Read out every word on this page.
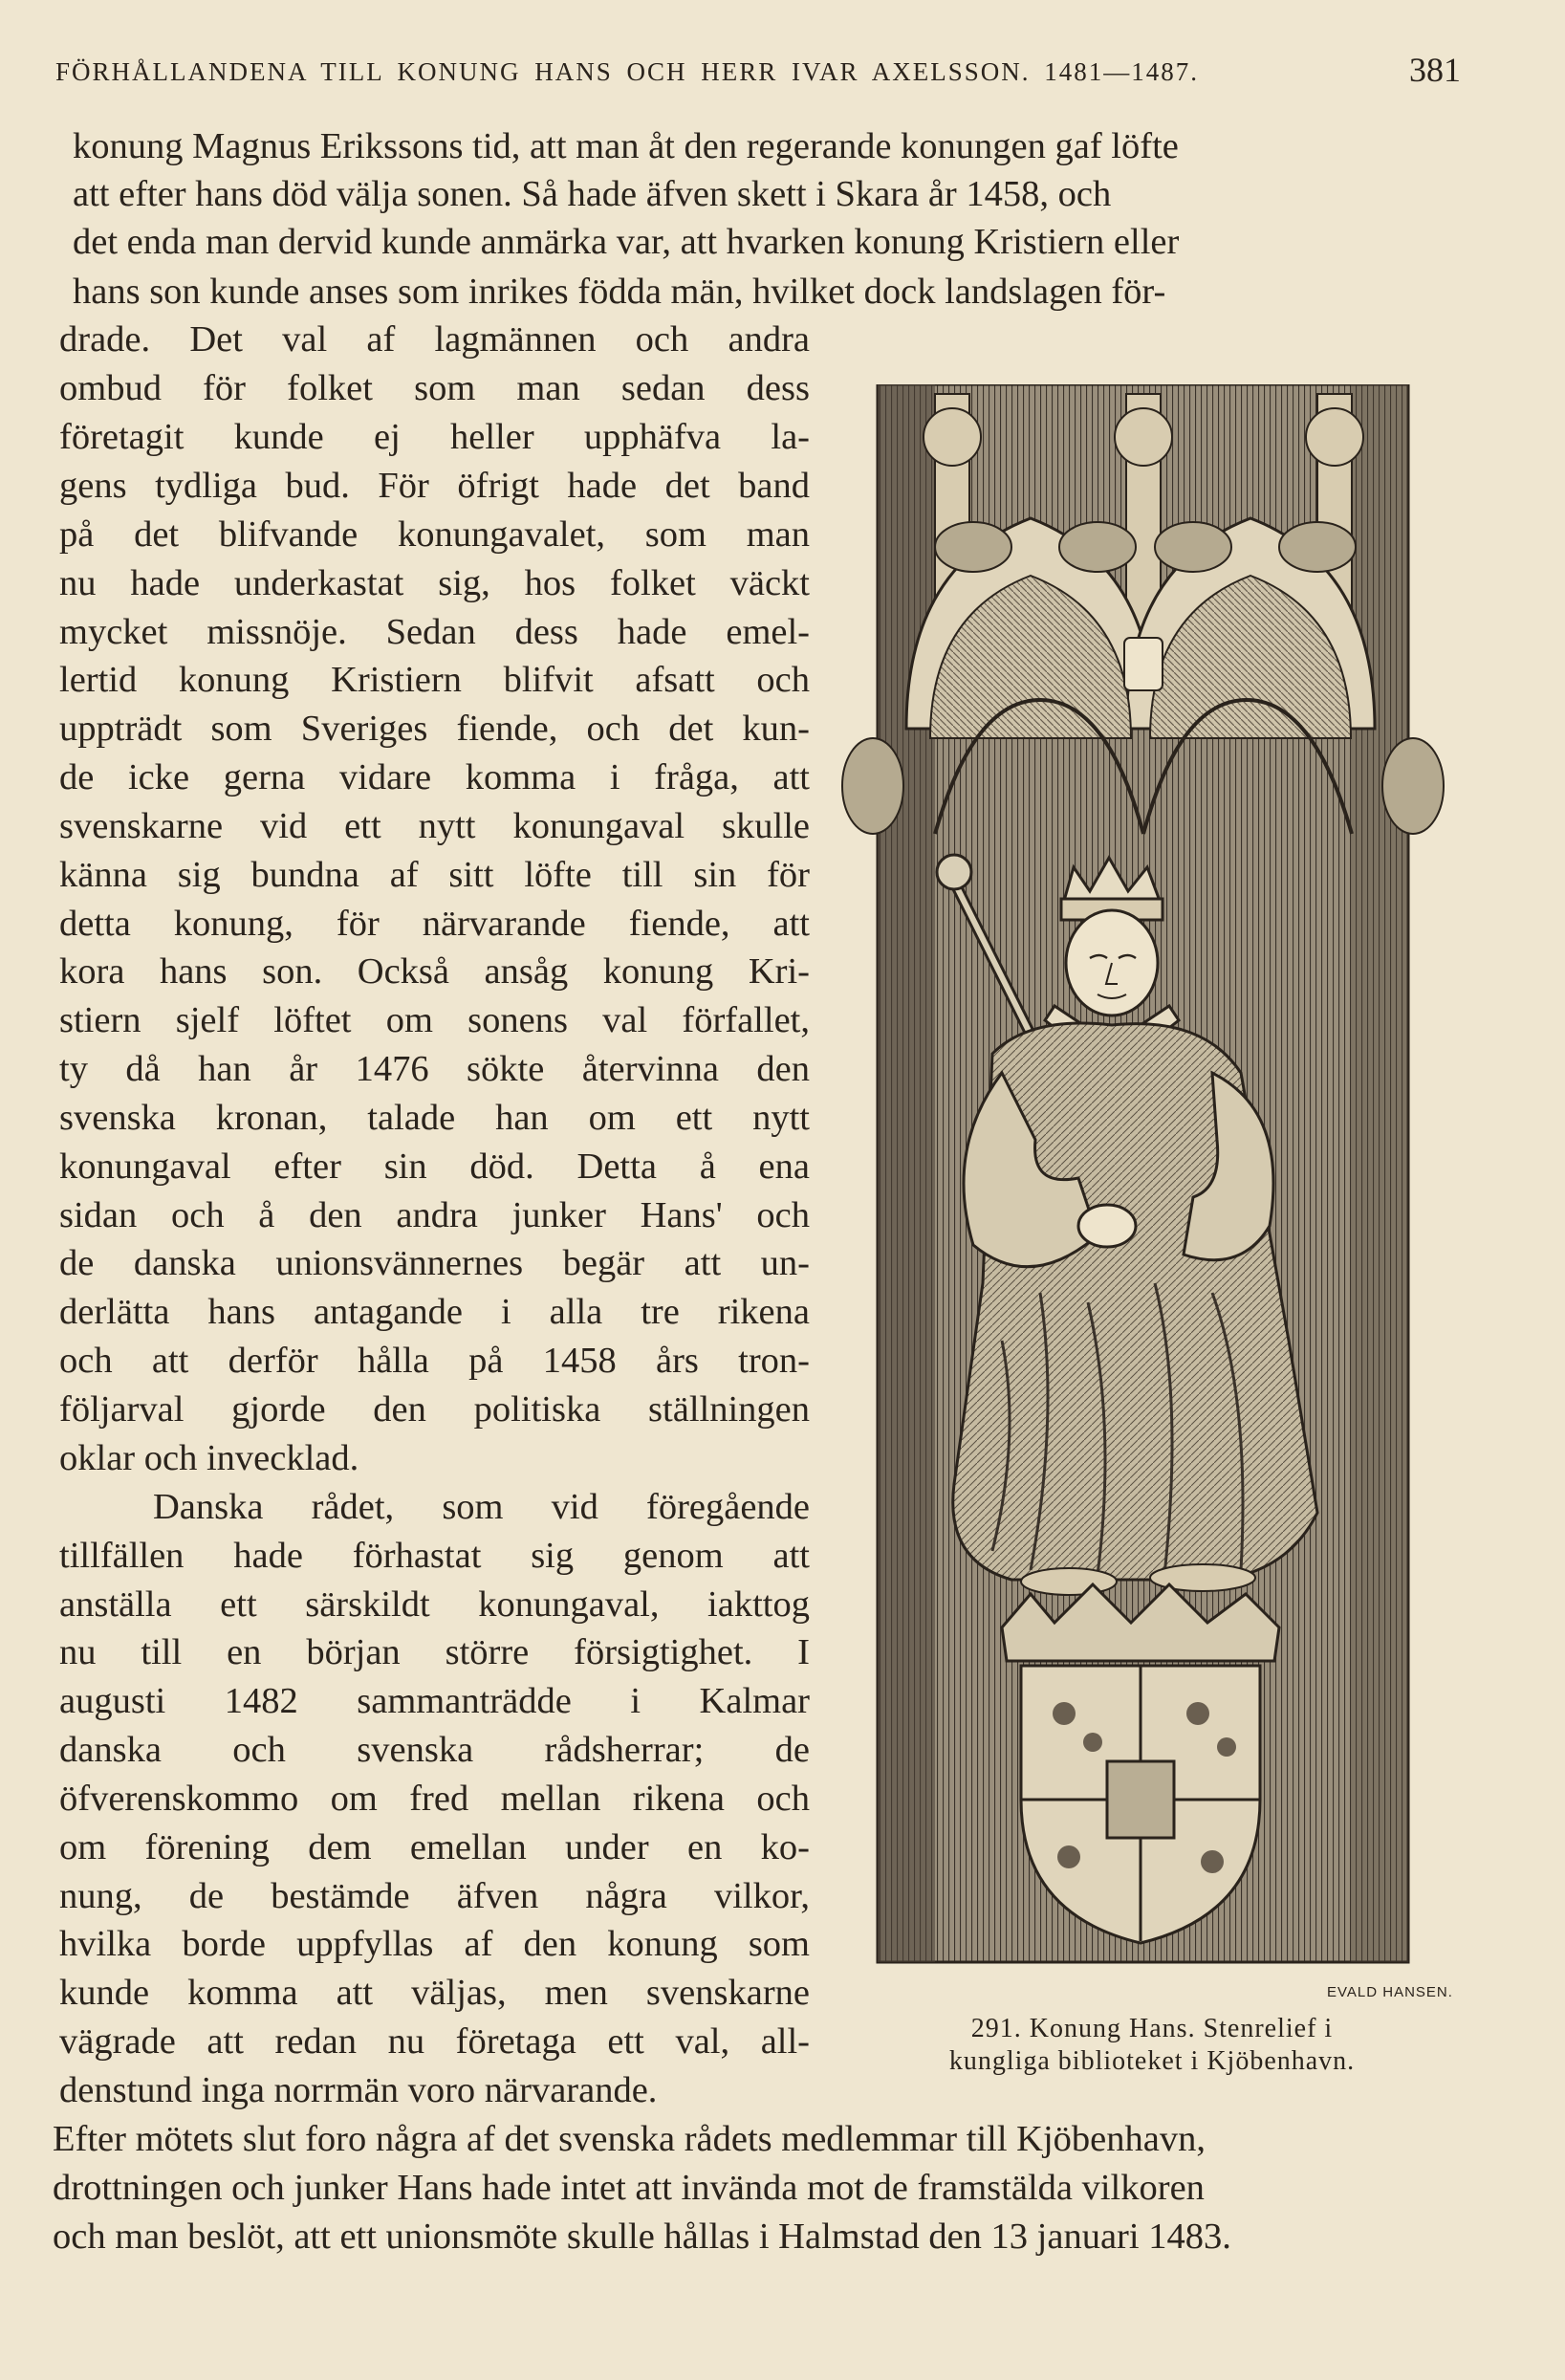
FÖRHÅLLANDENA TILL KONUNG HANS OCH HERR IVAR AXELSSON. 1481—1487.	381
konung Magnus Erikssons tid, att man åt den regerande konungen gaf löfte
att efter hans död välja sonen. Så hade äfven skett i Skara år 1458, och
det enda man dervid kunde anmärka var, att hvarken konung Kristiern eller
hans son kunde anses som inrikes födda män, hvilket dock landslagen för-
drade. Det val af lagmännen och andra
ombud för folket som man sedan dess
företagit kunde ej heller upphäfva la-
gens tydliga bud. För öfrigt hade det band
på det blifvande konungavalet, som man
nu hade underkastat sig, hos folket väckt
mycket missnöje. Sedan dess hade emel-
lertid konung Kristiern blifvit afsatt och
uppträdt som Sveriges fiende, och det kun-
de icke gerna vidare komma i fråga, att
svenskarne vid ett nytt konungaval skulle
känna sig bundna af sitt löfte till sin för
detta konung, för närvarande fiende, att
kora hans son. Också ansåg konung Kri-
stiern sjelf löftet om sonens val förfallet,
ty då han år 1476 sökte återvinna den
svenska kronan, talade han om ett nytt
konungaval efter sin död. Detta å ena
sidan och å den andra junker Hans' och
de danska unionsvännernes begär att un-
derlätta hans antagande i alla tre rikena
och att derför hålla på 1458 års tron-
följarval gjorde den politiska ställningen
oklar och invecklad.
Danska rådet, som vid föregående
tillfällen hade förhastat sig genom att
anställa ett särskildt konungaval, iakttog
nu till en början större försigtighet. I
augusti 1482 sammanträdde i Kalmar
danska och svenska rådsherrar; de
öfverenskommo om fred mellan rikena och
om förening dem emellan under en ko-
nung, de bestämde äfven några vilkor,
hvilka borde uppfyllas af den konung som
kunde komma att väljas, men svenskarne
vägrade att redan nu företaga ett val, all-
denstund inga norrmän voro närvarande.
EVALD HANSEN.
291. Konung Hans. Stenrelief i
kungliga biblioteket i Kjöbenhavn.
Efter mötets slut foro några af det svenska rådets medlemmar till Kjöbenhavn,
drottningen och junker Hans hade intet att invända mot de framstälda vilkoren
och man beslöt, att ett unionsmöte skulle hållas i Halmstad den 13 januari 1483.
